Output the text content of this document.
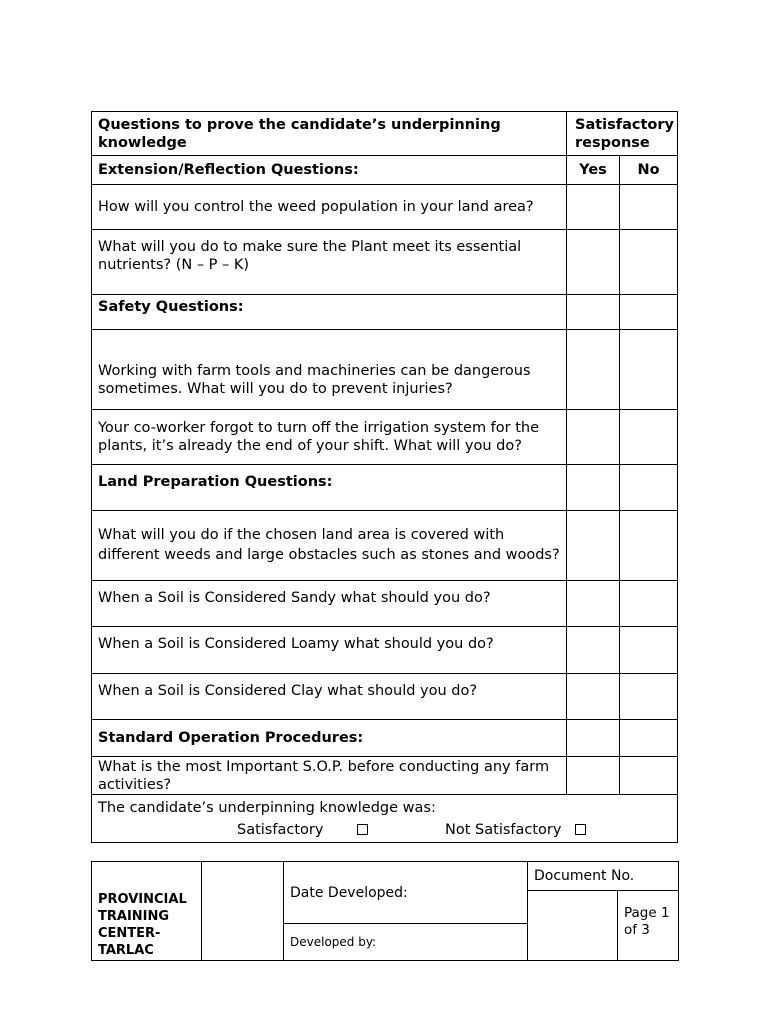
Questions to prove the candidate’s underpinning knowledge	Satisfactory response	
Extension/Reflection Questions:	Yes	No
How will you control the weed population in your land area?		
What will you do to make sure the Plant meet its essential nutrients? (N – P – K)		
Safety Questions:		
Working with farm tools and machineries can be dangerous sometimes. What will you do to prevent injuries?		
Your co-worker forgot to turn off the irrigation system for the plants, it’s already the end of your shift. What will you do?		
Land Preparation Questions:		
What will you do if the chosen land area is covered with different weeds and large obstacles such as stones and woods?		
When a Soil is Considered Sandy what should you do?		
When a Soil is Considered Loamy what should you do?		
When a Soil is Considered Clay what should you do?		
Standard Operation Procedures:		
What is the most Important S.O.P. before conducting any farm activities?		

The candidate’s underpinning knowledge was:
Satisfactory Not Satisfactory		
PROVINCIAL TRAINING CENTER-TARLAC		Date Developed:	Document No.	
				Page 1 of 3
		Developed by:		
